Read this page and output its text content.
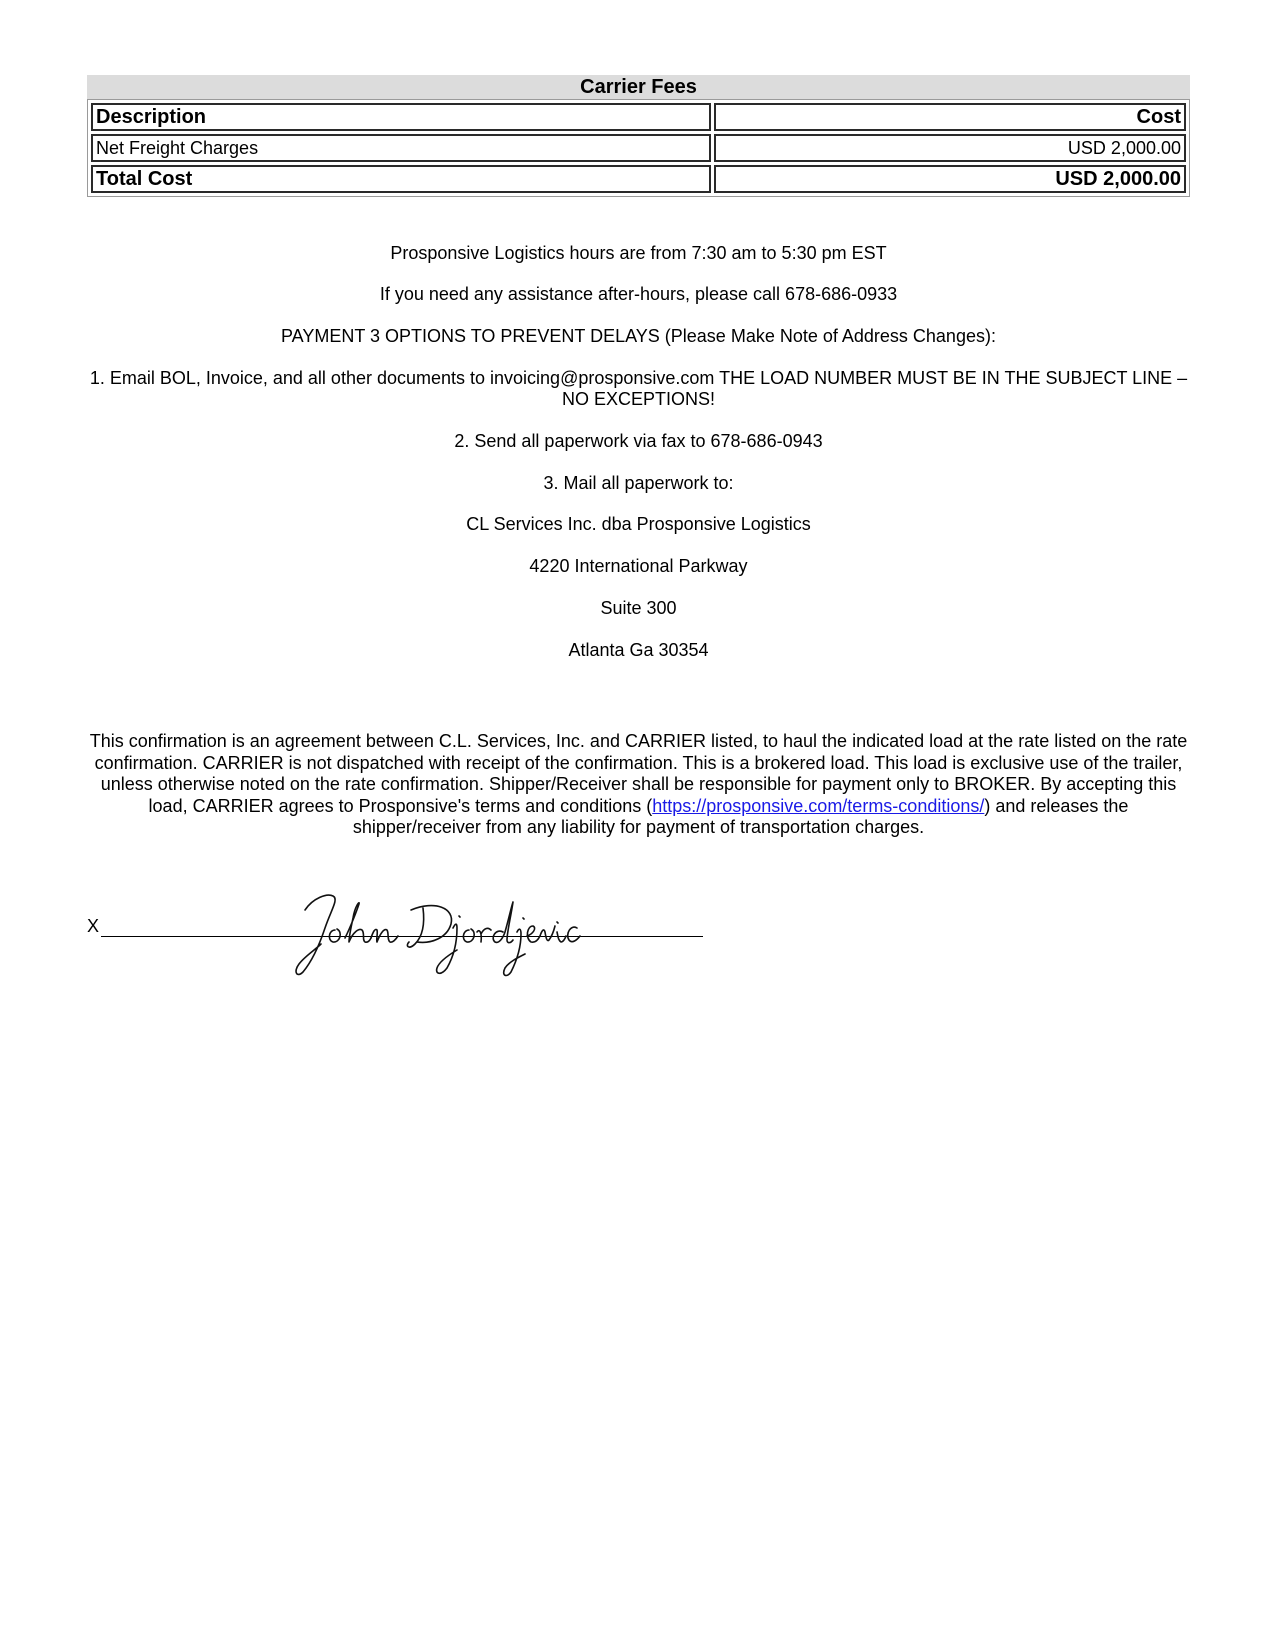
Carrier Fees
Description	Cost
Net Freight Charges	USD 2,000.00
Total Cost	USD 2,000.00

Prosponsive Logistics hours are from 7:30 am to 5:30 pm EST

If you need any assistance after-hours, please call 678-686-0933

PAYMENT 3 OPTIONS TO PREVENT DELAYS (Please Make Note of Address Changes):

1. Email BOL, Invoice, and all other documents to invoicing@prosponsive.com THE LOAD NUMBER MUST BE IN THE SUBJECT LINE – NO EXCEPTIONS!

2. Send all paperwork via fax to 678-686-0943

3. Mail all paperwork to:

CL Services Inc. dba Prosponsive Logistics

4220 International Parkway

Suite 300

Atlanta Ga 30354

This confirmation is an agreement between C.L. Services, Inc. and CARRIER listed, to haul the indicated load at the rate listed on the rate confirmation. CARRIER is not dispatched with receipt of the confirmation. This is a brokered load. This load is exclusive use of the trailer, unless otherwise noted on the rate confirmation. Shipper/Receiver shall be responsible for payment only to BROKER. By accepting this load, CARRIER agrees to Prosponsive's terms and conditions (https://prosponsive.com/terms-conditions/) and releases the shipper/receiver from any liability for payment of transportation charges.
X
